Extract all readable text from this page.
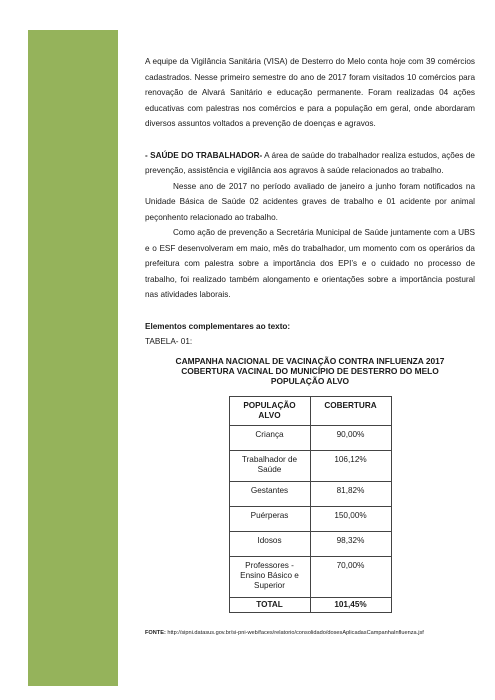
A equipe da Vigilância Sanitária (VISA) de Desterro do Melo conta hoje com 39 comércios cadastrados. Nesse primeiro semestre do ano de 2017 foram visitados 10 comércios para renovação de Alvará Sanitário e educação permanente. Foram realizadas 04 ações educativas com palestras nos comércios e para a população em geral, onde abordaram diversos assuntos voltados a prevenção de doenças e agravos.

- SAÚDE DO TRABALHADOR- A área de saúde do trabalhador realiza estudos, ações de prevenção, assistência e vigilância aos agravos à saúde relacionados ao trabalho.

Nesse ano de 2017 no período avaliado de janeiro a junho foram notificados na Unidade Básica de Saúde 02 acidentes graves de trabalho e 01 acidente por animal peçonhento relacionado ao trabalho.

Como ação de prevenção a Secretária Municipal de Saúde juntamente com a UBS e o ESF desenvolveram em maio, mês do trabalhador, um momento com os operários da prefeitura com palestra sobre a importância dos EPI’s e o cuidado no processo de trabalho, foi realizado também alongamento e orientações sobre a importância postural nas atividades laborais.

Elementos complementares ao texto:

TABELA- 01:

CAMPANHA NACIONAL DE VACINAÇÃO CONTRA INFLUENZA 2017
COBERTURA VACINAL DO MUNICÍPIO DE DESTERRO DO MELO
POPULAÇÃO ALVO
POPULAÇÃO ALVO	COBERTURA
Criança	90,00%
Trabalhador de Saúde	106,12%
Gestantes	81,82%
Puérperas	150,00%
Idosos	98,32%
Professores - Ensino Básico e Superior	70,00%
TOTAL	101,45%
FONTE: http://sipni.datasus.gov.br/si-pni-web/faces/relatorio/consolidado/dosesAplicadasCampanhaInfluenza.jsf
